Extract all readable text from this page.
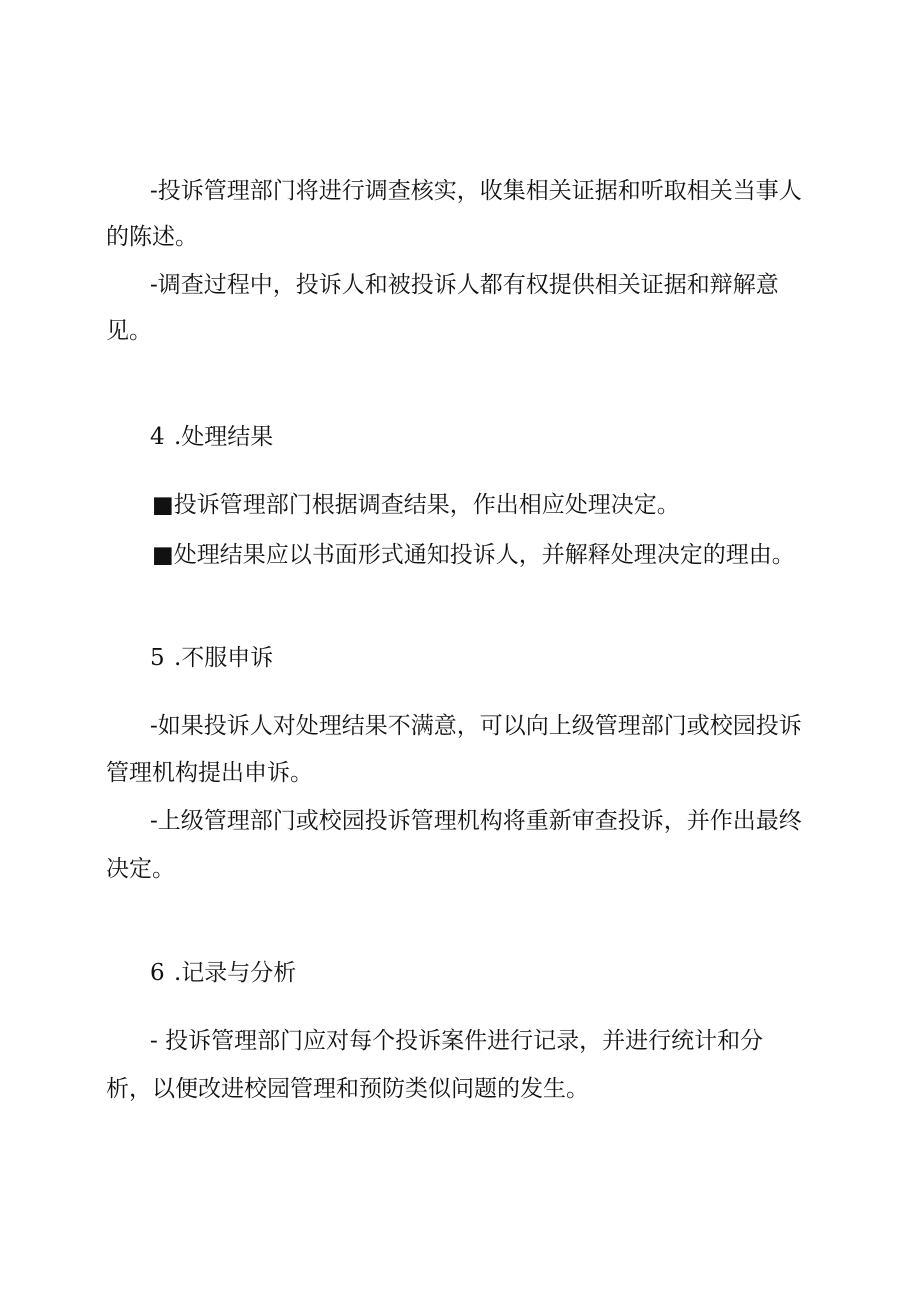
-投诉管理部门将进行调查核实，收集相关证据和听取相关当事人

的陈述。

-调查过程中，投诉人和被投诉人都有权提供相关证据和辩解意

见。

4 .处理结果

■投诉管理部门根据调查结果，作出相应处理决定。

■处理结果应以书面形式通知投诉人，并解释处理决定的理由。

5 .不服申诉

-如果投诉人对处理结果不满意，可以向上级管理部门或校园投诉

管理机构提出申诉。

-上级管理部门或校园投诉管理机构将重新审查投诉，并作出最终

决定。

6 .记录与分析

- 投诉管理部门应对每个投诉案件进行记录，并进行统计和分

析，以便改进校园管理和预防类似问题的发生。
